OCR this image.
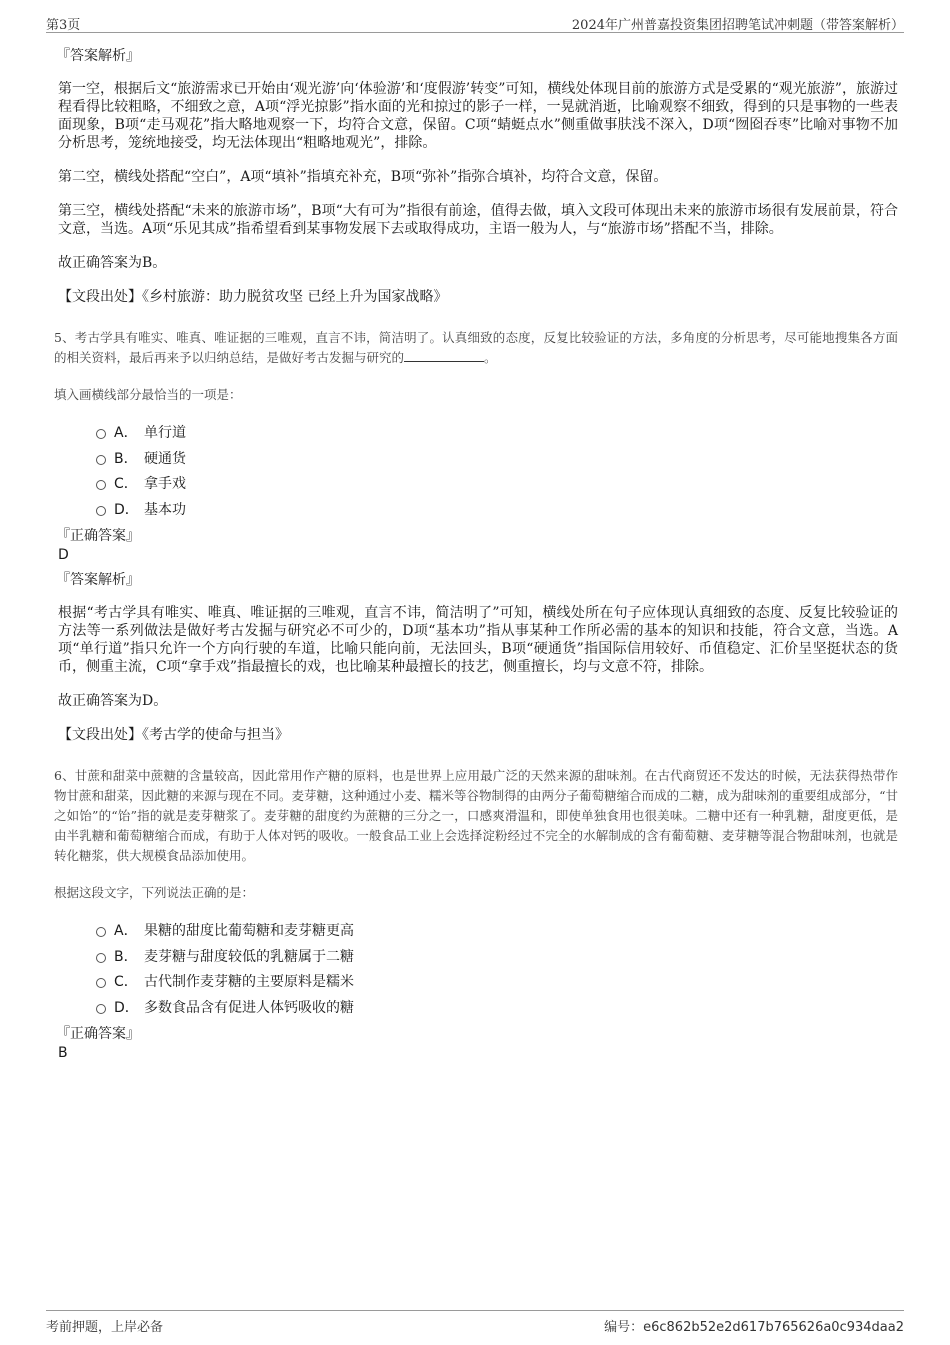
第3页	2024年广州普嘉投资集团招聘笔试冲刺题（带答案解析）

『答案解析』

第一空，根据后文“旅游需求已开始由‘观光游’向‘体验游’和‘度假游’转变”可知，横线处体现目前的旅游方式是受累的“观光旅游”，旅游过程看得比较粗略，不细致之意，A项“浮光掠影”指水面的光和掠过的影子一样，一晃就消逝，比喻观察不细致，得到的只是事物的一些表面现象，B项“走马观花”指大略地观察一下，均符合文意，保留。C项“蜻蜓点水”侧重做事肤浅不深入，D项“囫囵吞枣”比喻对事物不加分析思考，笼统地接受，均无法体现出“粗略地观光”，排除。

第二空，横线处搭配“空白”，A项“填补”指填充补充，B项“弥补”指弥合填补，均符合文意，保留。

第三空，横线处搭配“未来的旅游市场”，B项“大有可为”指很有前途，值得去做，填入文段可体现出未来的旅游市场很有发展前景，符合文意，当选。A项“乐见其成”指希望看到某事物发展下去或取得成功，主语一般为人，与“旅游市场”搭配不当，排除。

故正确答案为B。

【文段出处】《乡村旅游：助力脱贫攻坚 已经上升为国家战略》

5、考古学具有唯实、唯真、唯证据的三唯观，直言不讳，简洁明了。认真细致的态度，反复比较验证的方法，多角度的分析思考，尽可能地搜集各方面的相关资料，最后再来予以归纳总结，是做好考古发掘与研究的	。

填入画横线部分最恰当的一项是：

A． 单行道
B． 硬通货
C． 拿手戏
D． 基本功

『正确答案』

D

『答案解析』

根据“考古学具有唯实、唯真、唯证据的三唯观，直言不讳，简洁明了”可知，横线处所在句子应体现认真细致的态度、反复比较验证的方法等一系列做法是做好考古发掘与研究必不可少的，D项“基本功”指从事某种工作所必需的基本的知识和技能，符合文意，当选。A项“单行道”指只允许一个方向行驶的车道，比喻只能向前，无法回头，B项“硬通货”指国际信用较好、币值稳定、汇价呈坚挺状态的货币，侧重主流，C项“拿手戏”指最擅长的戏，也比喻某种最擅长的技艺，侧重擅长，均与文意不符，排除。

故正确答案为D。

【文段出处】《考古学的使命与担当》

6、甘蔗和甜菜中蔗糖的含量较高，因此常用作产糖的原料，也是世界上应用最广泛的天然来源的甜味剂。在古代商贸还不发达的时候，无法获得热带作物甘蔗和甜菜，因此糖的来源与现在不同。麦芽糖，这种通过小麦、糯米等谷物制得的由两分子葡萄糖缩合而成的二糖，成为甜味剂的重要组成部分，“甘之如饴”的“饴”指的就是麦芽糖浆了。麦芽糖的甜度约为蔗糖的三分之一，口感爽滑温和，即使单独食用也很美味。二糖中还有一种乳糖，甜度更低，是由半乳糖和葡萄糖缩合而成，有助于人体对钙的吸收。一般食品工业上会选择淀粉经过不完全的水解制成的含有葡萄糖、麦芽糖等混合物甜味剂，也就是转化糖浆，供大规模食品添加使用。

根据这段文字，下列说法正确的是：

A． 果糖的甜度比葡萄糖和麦芽糖更高
B． 麦芽糖与甜度较低的乳糖属于二糖
C． 古代制作麦芽糖的主要原料是糯米
D． 多数食品含有促进人体钙吸收的糖

『正确答案』

B

考前押题，上岸必备	编号：e6c862b52e2d617b765626a0c934daa2
